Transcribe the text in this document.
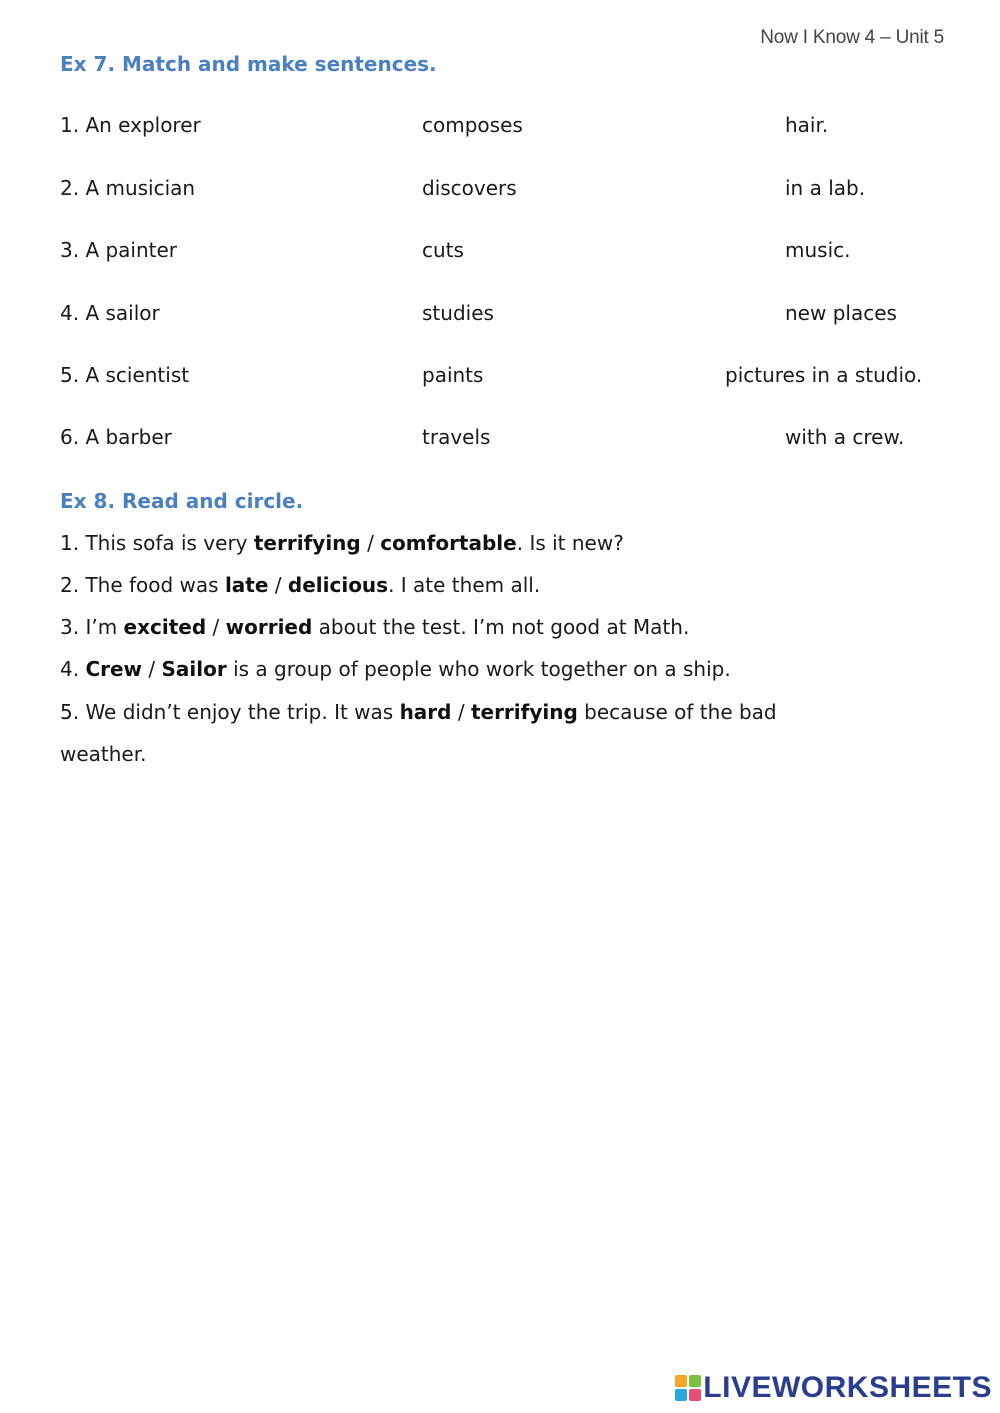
Now I Know 4 – Unit 5
Ex 7. Match and make sentences.
1. An explorer	composes	hair.
2. A musician	discovers	in a lab.
3. A painter	cuts	music.
4. A sailor	studies	new places
5. A scientist	paints	pictures in a studio.
6. A barber	travels	with a crew.
Ex 8. Read and circle.
1. This sofa is very terrifying / comfortable. Is it new?
2. The food was late / delicious. I ate them all.
3. I’m excited / worried about the test. I’m not good at Math.
4. Crew / Sailor is a group of people who work together on a ship.
5. We didn’t enjoy the trip. It was hard / terrifying because of the bad
weather.
LIVEWORKSHEETS
